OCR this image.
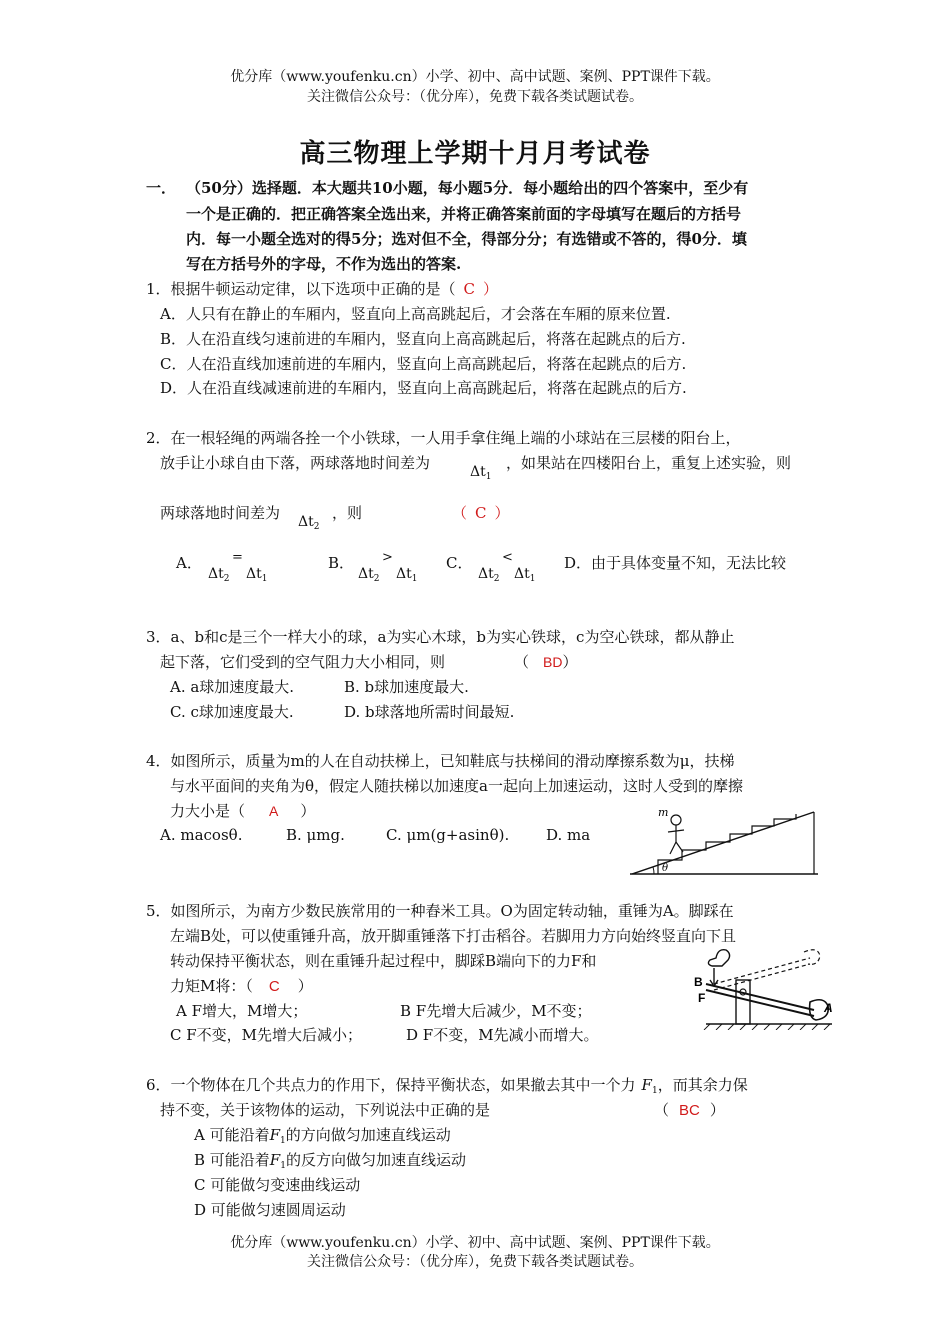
优分库（www.youfenku.cn）小学、初中、高中试题、案例、PPT课件下载。
关注微信公众号：（优分库），免费下载各类试题试卷。
高三物理上学期十月月考试卷
一． （50分）选择题．本大题共10小题，每小题5分．每小题给出的四个答案中，至少有
一个是正确的．把正确答案全选出来，并将正确答案前面的字母填写在题后的方括号
内．每一小题全选对的得5分；选对但不全，得部分分；有选错或不答的，得0分．填
写在方括号外的字母，不作为选出的答案.
1．根据牛顿运动定律，以下选项中正确的是（ C ）
A．人只有在静止的车厢内，竖直向上高高跳起后，才会落在车厢的原来位置.
B．人在沿直线匀速前进的车厢内，竖直向上高高跳起后，将落在起跳点的后方.
C．人在沿直线加速前进的车厢内，竖直向上高高跳起后，将落在起跳点的后方.
D．人在沿直线减速前进的车厢内，竖直向上高高跳起后，将落在起跳点的后方.
2．在一根轻绳的两端各拴一个小铁球，一人用手拿住绳上端的小球站在三层楼的阳台上，
放手让小球自由下落，两球落地时间差为	$\Delta t_1$
，如果站在四楼阳台上，重复上述实验，则
两球落地时间差为 $\Delta t_2$
，则	（ C ）
A． =
$\Delta t_2$ $\Delta t_1$
B． >
$\Delta t_2$ $\Delta t_1$
C． <
$\Delta t_2$ $\Delta t_1$
D．由于具体变量不知，无法比较
3．a、b和c是三个一样大小的球，a为实心木球，b为实心铁球，c为空心铁球，都从静止
起下落，它们受到的空气阻力大小相同，则	（ BD）
A. a球加速度最大.	B. b球加速度最大.
C. c球加速度最大.	D. b球落地所需时间最短.
4．如图所示，质量为m的人在自动扶梯上，已知鞋底与扶梯间的滑动摩擦系数为μ，扶梯
与水平面间的夹角为θ，假定人随扶梯以加速度a一起向上加速运动，这时人受到的摩擦
力大小是（ A ）
A. macosθ.	B. μmg.	C. μm(g+asinθ). D. ma
m
θ
5．如图所示，为南方少数民族常用的一种舂米工具。O为固定转动轴，重锤为A。脚踩在
左端B处，可以使重锤升高，放开脚重锤落下打击稻谷。若脚用力方向始终竖直向下且
转动保持平衡状态，则在重锤升起过程中，脚踩B端向下的力F和
力矩M将：（ C ）
A F增大，M增大；	B F先增大后减少，M不变；
C F不变，M先增大后减小；	D F不变，M先减小而增大。
B
F
A
6．一个物体在几个共点力的作用下，保持平衡状态，如果撤去其中一个力 $F_1$，而其余力保
持不变，关于该物体的运动，下列说法中正确的是	（ BC ）
A 可能沿着$F_1$的方向做匀加速直线运动
B 可能沿着$F_1$的反方向做匀加速直线运动
C 可能做匀变速曲线运动
D 可能做匀速圆周运动
优分库（www.youfenku.cn）小学、初中、高中试题、案例、PPT课件下载。
关注微信公众号：（优分库），免费下载各类试题试卷。
